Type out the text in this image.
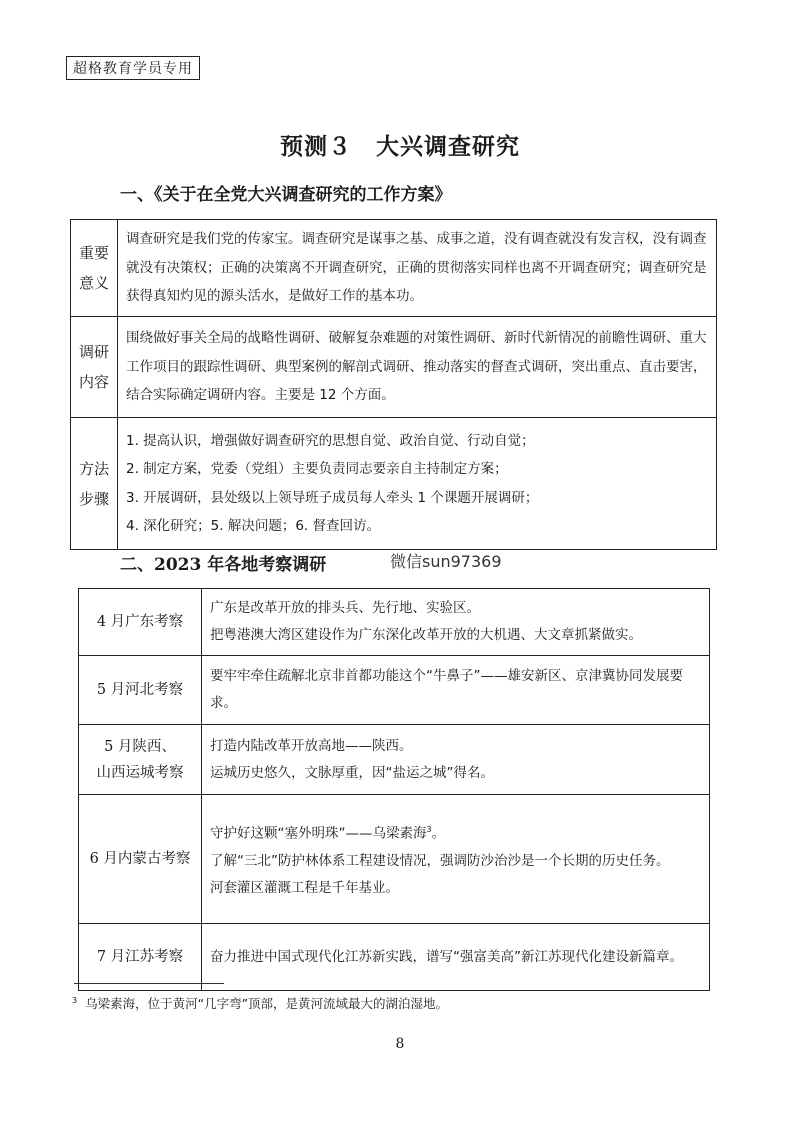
超格教育学员专用
预测３　大兴调查研究
一、《关于在全党大兴调查研究的工作方案》
重要
意义	调查研究是我们党的传家宝。调查研究是谋事之基、成事之道，没有调查就没有发言权，没有调查就没有决策权；正确的决策离不开调查研究，正确的贯彻落实同样也离不开调查研究；调查研究是获得真知灼见的源头活水，是做好工作的基本功。

调研
内容	围绕做好事关全局的战略性调研、破解复杂难题的对策性调研、新时代新情况的前瞻性调研、重大工作项目的跟踪性调研、典型案例的解剖式调研、推动落实的督查式调研，突出重点、直击要害，结合实际确定调研内容。主要是 12 个方面。

方法
步骤	1. 提高认识，增强做好调查研究的思想自觉、政治自觉、行动自觉；
2. 制定方案，党委（党组）主要负责同志要亲自主持制定方案；
3. 开展调研，县处级以上领导班子成员每人牵头 1 个课题开展调研；
4. 深化研究；5. 解决问题；6. 督查回访。
二、2023 年各地考察调研	微信sun97369
4 月广东考察	广东是改革开放的排头兵、先行地、实验区。
把粤港澳大湾区建设作为广东深化改革开放的大机遇、大文章抓紧做实。

5 月河北考察	要牢牢牵住疏解北京非首都功能这个“牛鼻子”——雄安新区、京津冀协同发展要求。

5 月陕西、
山西运城考察	打造内陆改革开放高地——陕西。
运城历史悠久，文脉厚重，因“盐运之城”得名。

6 月内蒙古考察	守护好这颗“塞外明珠”——乌梁素海$^3$。
了解“三北”防护林体系工程建设情况，强调防沙治沙是一个长期的历史任务。
河套灌区灌溉工程是千年基业。

7 月江苏考察	奋力推进中国式现代化江苏新实践，谱写“强富美高”新江苏现代化建设新篇章。
$^3$ 乌梁素海，位于黄河“几字弯”顶部，是黄河流域最大的湖泊湿地。
8
